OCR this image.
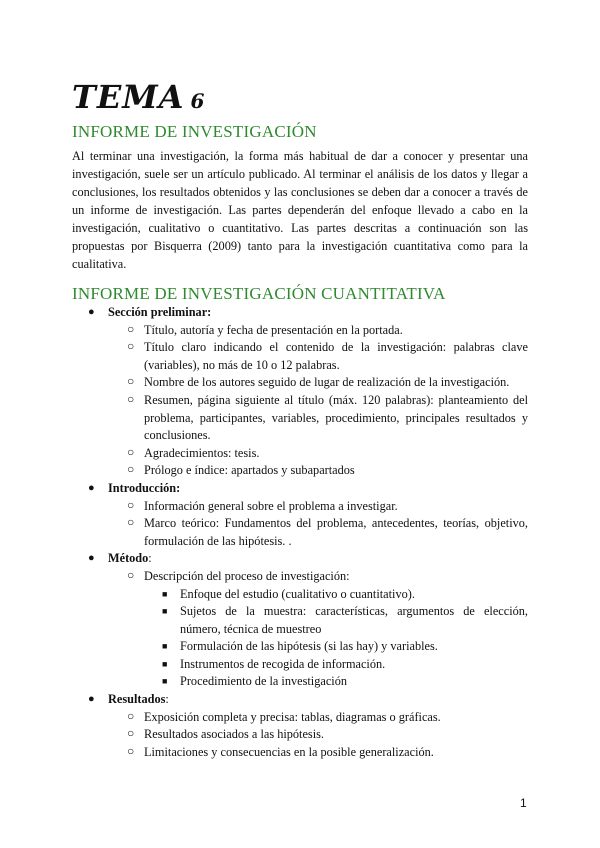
TEMA 6
INFORME DE INVESTIGACIÓN
Al terminar una investigación, la forma más habitual de dar a conocer y presentar una investigación, suele ser un artículo publicado. Al terminar el análisis de los datos y llegar a conclusiones, los resultados obtenidos y las conclusiones se deben dar a conocer a través de un informe de investigación. Las partes dependerán del enfoque llevado a cabo en la investigación, cualitativo o cuantitativo. Las partes descritas a continuación son las propuestas por Bisquerra (2009) tanto para la investigación cuantitativa como para la cualitativa.
INFORME DE INVESTIGACIÓN CUANTITATIVA
● Sección preliminar:
○ Título, autoría y fecha de presentación en la portada.
○ Título claro indicando el contenido de la investigación: palabras clave (variables), no más de 10 o 12 palabras.
○ Nombre de los autores seguido de lugar de realización de la investigación.
○ Resumen, página siguiente al título (máx. 120 palabras): planteamiento del problema, participantes, variables, procedimiento, principales resultados y conclusiones.
○ Agradecimientos: tesis.
○ Prólogo e índice: apartados y subapartados
● Introducción:
○ Información general sobre el problema a investigar.
○ Marco teórico: Fundamentos del problema, antecedentes, teorías, objetivo, formulación de las hipótesis. .
● Método:
○ Descripción del proceso de investigación:
■ Enfoque del estudio (cualitativo o cuantitativo).
■ Sujetos de la muestra: características, argumentos de elección, número, técnica de muestreo
■ Formulación de las hipótesis (si las hay) y variables.
■ Instrumentos de recogida de información.
■ Procedimiento de la investigación
● Resultados:
○ Exposición completa y precisa: tablas, diagramas o gráficas.
○ Resultados asociados a las hipótesis.
○ Limitaciones y consecuencias en la posible generalización.
1
